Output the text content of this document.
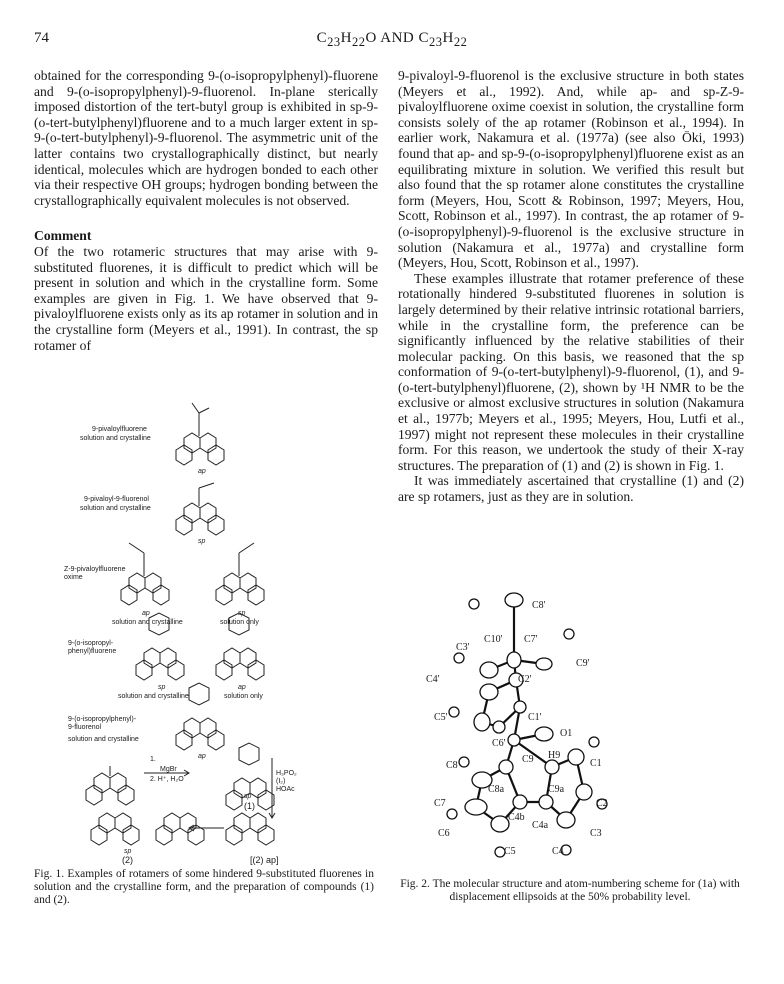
74	$C_{23}H_{22}O$ AND $C_{23}H_{22}$

obtained for the corresponding 9-(o-isopropylphenyl)-fluorene and 9-(o-isopropylphenyl)-9-fluorenol. In-plane sterically imposed distortion of the tert-butyl group is exhibited in sp-9-(o-tert-butylphenyl)fluorene and to a much larger extent in sp-9-(o-tert-butylphenyl)-9-fluorenol. The asymmetric unit of the latter contains two crystallographically distinct, but nearly identical, molecules which are hydrogen bonded to each other via their respective OH groups; hydrogen bonding between the crystallographically equivalent molecules is not observed.

Comment

Of the two rotameric structures that may arise with 9-substituted fluorenes, it is difficult to predict which will be present in solution and which in the crystalline form. Some examples are given in Fig. 1. We have observed that 9-pivaloylfluorene exists only as its ap rotamer in solution and in the crystalline form (Meyers et al., 1991). In contrast, the sp rotamer of

9-pivaloyl-9-fluorenol is the exclusive structure in both states (Meyers et al., 1992). And, while ap- and sp-Z-9-pivaloylfluorene oxime coexist in solution, the crystalline form consists solely of the ap rotamer (Robinson et al., 1994). In earlier work, Nakamura et al. (1977a) (see also Ōki, 1993) found that ap- and sp-9-(o-isopropylphenyl)fluorene exist as an equilibrating mixture in solution. We verified this result but also found that the sp rotamer alone constitutes the crystalline form (Meyers, Hou, Scott & Robinson, 1997; Meyers, Hou, Scott, Robinson et al., 1997). In contrast, the ap rotamer of 9-(o-isopropylphenyl)-9-fluorenol is the exclusive structure in solution (Nakamura et al., 1977a) and crystalline form (Meyers, Hou, Scott, Robinson et al., 1997).

These examples illustrate that rotamer preference of these rotationally hindered 9-substituted fluorenes in solution is largely determined by their relative intrinsic rotational barriers, while in the crystalline form, the preference can be significantly influenced by the relative stabilities of their molecular packing. On this basis, we reasoned that the sp conformation of 9-(o-tert-butylphenyl)-9-fluorenol, (1), and 9-(o-tert-butylphenyl)fluorene, (2), shown by ¹H NMR to be the exclusive or almost exclusive structures in solution (Nakamura et al., 1977b; Meyers et al., 1995; Meyers, Hou, Lutfi et al., 1997) might not represent these molecules in their crystalline form. For this reason, we undertook the study of their X-ray structures. The preparation of (1) and (2) is shown in Fig. 1.

It was immediately ascertained that crystalline (1) and (2) are sp rotamers, just as they are in solution.

9-pivaloylfluorene
solution and crystalline
ap
9-pivaloyl-9-fluorenol
solution and crystalline
sp
Z-9-pivaloylfluorene
oxime
ap	sp
solution and crystalline	solution only
9-(o-isopropyl-
phenyl)fluorene
sp	ap
solution and crystalline	solution only
9-(o-isopropylphenyl)-
9-fluorenol
solution and crystalline
ap
1.
MgBr
2. H⁺, H₂O
H₃PO₂
(I₂)
HOAc
sp
(1)
sp
(2)	[(2) ap]
Fig. 1. Examples of rotamers of some hindered 9-substituted fluorenes in solution and the crystalline form, and the preparation of compounds (1) and (2).
C8'
C10' C7'
C3'
C9'
C4'	C2'
C5'	C1'
O1
C6'
H9
C8
C9	C1
C8a	C9a
C7	C2
C4b
C4a
C6	C3
C5	C4
Fig. 2. The molecular structure and atom-numbering scheme for (1a) with displacement ellipsoids at the 50% probability level.
